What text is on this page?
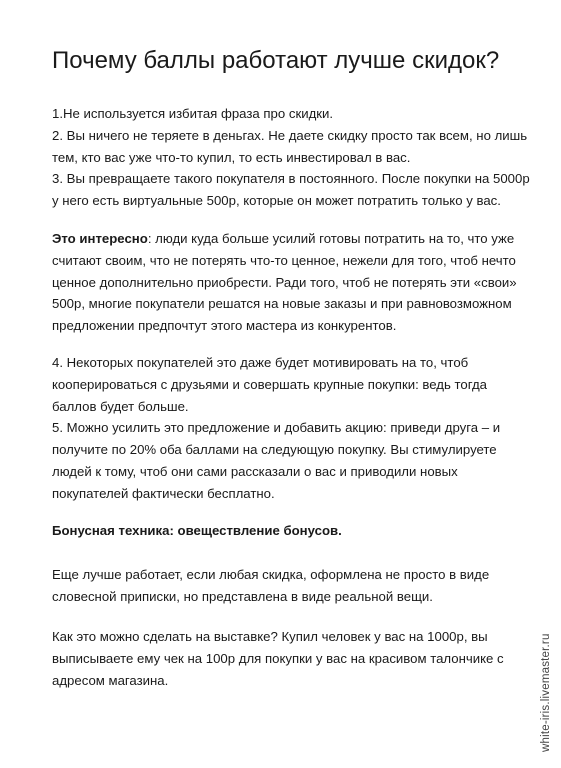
Почему баллы работают лучше скидок?

1.Не используется избитая фраза про скидки.
2. Вы ничего не теряете в деньгах. Не даете скидку просто так всем, но лишь
тем, кто вас уже что-то купил, то есть инвестировал в вас.
3. Вы превращаете такого покупателя в постоянного. После покупки на 5000р
у него есть виртуальные 500р, которые он может потратить только у вас.

Это интересно: люди куда больше усилий готовы потратить на то, что уже
считают своим, что не потерять что-то ценное, нежели для того, чтоб нечто
ценное дополнительно приобрести. Ради того, чтоб не потерять эти «свои»
500р, многие покупатели решатся на новые заказы и при равновозможном
предложении предпочтут этого мастера из конкурентов.

4. Некоторых покупателей это даже будет мотивировать на то, чтоб
кооперироваться с друзьями и совершать крупные покупки: ведь тогда
баллов будет больше.
5. Можно усилить это предложение и добавить акцию: приведи друга – и
получите по 20% оба баллами на следующую покупку. Вы стимулируете
людей к тому, чтоб они сами рассказали о вас и приводили новых
покупателей фактически бесплатно.

Бонусная техника: овеществление бонусов.

Еще лучше работает, если любая скидка, оформлена не просто в виде
словесной приписки, но представлена в виде реальной вещи.

Как это можно сделать на выставке? Купил человек у вас на 1000р, вы
выписываете ему чек на 100р для покупки у вас на красивом талончике с
адресом магазина.	white-iris.livemaster.ru
